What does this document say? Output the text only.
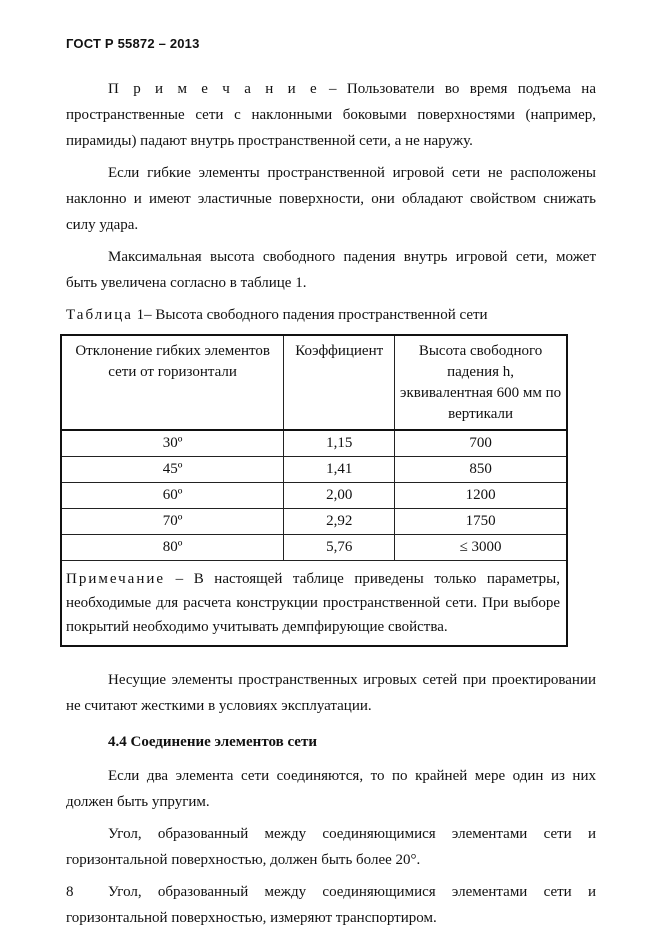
ГОСТ Р 55872 – 2013

П р и м е ч а н и е – Пользователи во время подъема на пространственные сети с наклонными боковыми поверхностями (например, пирамиды) падают внутрь пространственной сети, а не наружу.

Если гибкие элементы пространственной игровой сети не расположены наклонно и имеют эластичные поверхности, они обладают свойством снижать силу удара.

Максимальная высота свободного падения внутрь игровой сети, может быть увеличена согласно в таблице 1.

Таблица 1– Высота свободного падения пространственной сети

Отклонение гибких элементов сети от горизонтали	Коэффициент	Высота свободного падения h, эквивалентная 600 мм по вертикали
30º	1,15	700
45º	1,41	850
60º	2,00	1200
70º	2,92	1750
80º	5,76	≤ 3000
Примечание – В настоящей таблице приведены только параметры, необходимые для расчета конструкции пространственной сети. При выборе покрытий необходимо учитывать демпфирующие свойства.		

Несущие элементы пространственных игровых сетей при проектировании не считают жесткими в условиях эксплуатации.

4.4 Соединение элементов сети

Если два элемента сети соединяются, то по крайней мере один из них должен быть упругим.

Угол, образованный между соединяющимися элементами сети и горизонтальной поверхностью, должен быть более 20°.

Угол, образованный между соединяющимися элементами сети и горизонтальной поверхностью, измеряют транспортиром.

8
